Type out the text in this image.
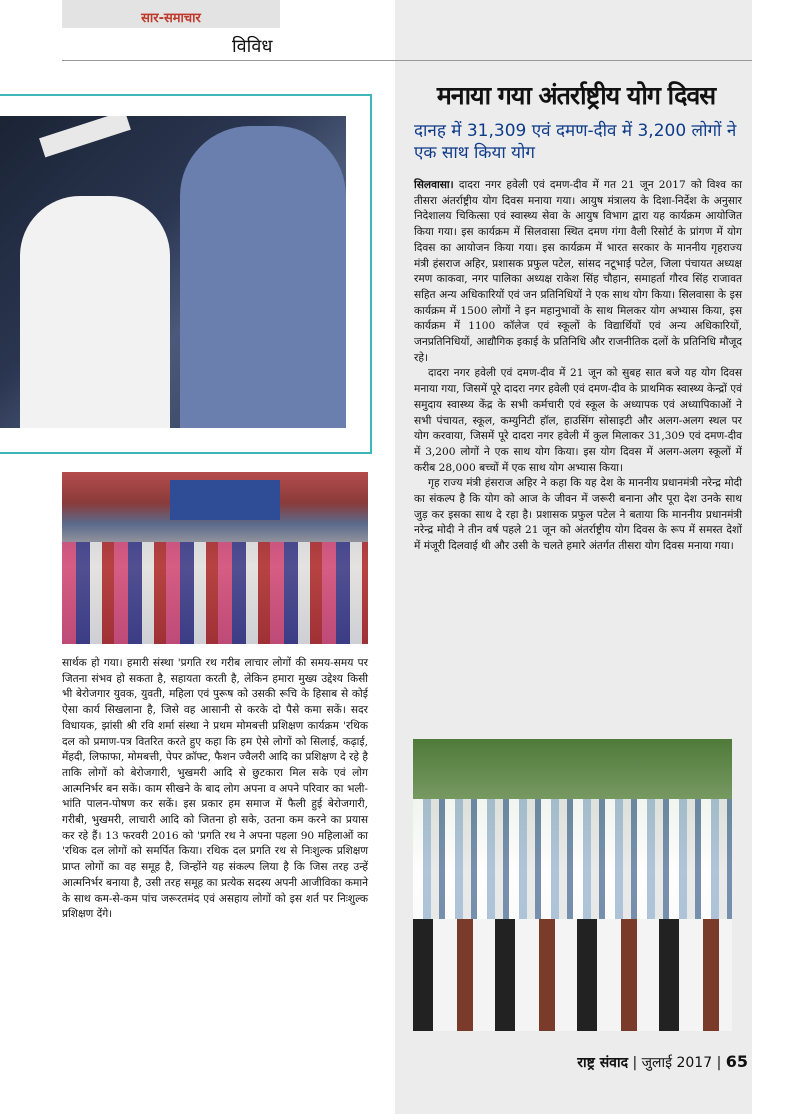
सार-समाचार
विविध
मनाया गया अंतर्राष्ट्रीय योग दिवस
दानह में 31,309 एवं दमण-दीव में 3,200 लोगों ने एक साथ किया योग

सिलवासा। दादरा नगर हवेली एवं दमण-दीव में गत 21 जून 2017 को विश्व का तीसरा अंतर्राष्ट्रीय योग दिवस मनाया गया। आयुष मंत्रालय के दिशा-निर्देश के अनुसार निदेशालय चिकित्सा एवं स्वास्थ्य सेवा के आयुष विभाग द्वारा यह कार्यक्रम आयोजित किया गया। इस कार्यक्रम में सिलवासा स्थित दमण गंगा वैली रिसोर्ट के प्रांगण में योग दिवस का आयोजन किया गया। इस कार्यक्रम में भारत सरकार के माननीय गृहराज्य मंत्री हंसराज अहिर, प्रशासक प्रफुल पटेल, सांसद नटूभाई पटेल, जिला पंचायत अध्यक्ष रमण काकवा, नगर पालिका अध्यक्ष राकेश सिंह चौहान, समाहर्ता गौरव सिंह राजावत सहित अन्य अधिकारियों एवं जन प्रतिनिधियों ने एक साथ योग किया। सिलवासा के इस कार्यक्रम में 1500 लोगों ने इन महानुभावों के साथ मिलकर योग अभ्यास किया, इस कार्यक्रम में 1100 कॉलेज एवं स्कूलों के विद्यार्थियों एवं अन्य अधिकारियों, जनप्रतिनिधियों, आद्यौगिक इकाई के प्रतिनिधि और राजनीतिक दलों के प्रतिनिधि मौजूद रहे।

दादरा नगर हवेली एवं दमण-दीव में 21 जून को सुबह सात बजे यह योग दिवस मनाया गया, जिसमें पूरे दादरा नगर हवेली एवं दमण-दीव के प्राथमिक स्वास्थ्य केन्द्रों एवं समुदाय स्वास्थ्य केंद्र के सभी कर्मचारी एवं स्कूल के अध्यापक एवं अध्यापिकाओं ने सभी पंचायत, स्कूल, कम्युनिटी हॉल, हाउसिंग सोसाइटी और अलग-अलग स्थल पर योग करवाया, जिसमें पूरे दादरा नगर हवेली में कुल मिलाकर 31,309 एवं दमण-दीव में 3,200 लोगों ने एक साथ योग किया। इस योग दिवस में अलग-अलग स्कूलों में करीब 28,000 बच्चों में एक साथ योग अभ्यास किया।

गृह राज्य मंत्री हंसराज अहिर ने कहा कि यह देश के माननीय प्रधानमंत्री नरेन्द्र मोदी का संकल्प है कि योग को आज के जीवन में जरूरी बनाना और पूरा देश उनके साथ जुड़ कर इसका साथ दे रहा है। प्रशासक प्रफुल पटेल ने बताया कि माननीय प्रधानमंत्री नरेन्द्र मोदी ने तीन वर्ष पहले 21 जून को अंतर्राष्ट्रीय योग दिवस के रूप में समस्त देशों में मंजूरी दिलवाई थी और उसी के चलते हमारे अंतर्गत तीसरा योग दिवस मनाया गया।

सार्थक हो गया। हमारी संस्था 'प्रगति रथ गरीब लाचार लोगों की समय-समय पर जितना संभव हो सकता है, सहायता करती है, लेकिन हमारा मुख्य उद्देश्य किसी भी बेरोजगार युवक, युवती, महिला एवं पुरूष को उसकी रूचि के हिसाब से कोई ऐसा कार्य सिखलाना है, जिसे वह आसानी से करके दो पैसे कमा सकें। सदर विधायक, झांसी श्री रवि शर्मा संस्था ने प्रथम मोमबत्ती प्रशिक्षण कार्यक्रम 'रथिक दल को प्रमाण-पत्र वितरित करते हुए कहा कि हम ऐसे लोगों को सिलाई, कढ़ाई, मेंहदी, लिफाफा, मोमबत्ती, पेपर क्रॉफ्ट, फैशन ज्वैलरी आदि का प्रशिक्षण दे रहे है ताकि लोगों को बेरोजगारी, भुखमरी आदि से छुटकारा मिल सके एवं लोग आत्मनिर्भर बन सकें। काम सीखने के बाद लोग अपना व अपने परिवार का भली-भांति पालन-पोषण कर सकें। इस प्रकार हम समाज में फैली हुई बेरोजगारी, गरीबी, भुखमरी, लाचारी आदि को जितना हो सके, उतना कम करने का प्रयास कर रहे हैं। 13 फरवरी 2016 को 'प्रगति रथ ने अपना पहला 90 महिलाओं का 'रथिक दल लोगों को समर्पित किया। रथिक दल प्रगति रथ से निःशुल्क प्रशिक्षण प्राप्त लोगों का वह समूह है, जिन्होंने यह संकल्प लिया है कि जिस तरह उन्हें आत्मनिर्भर बनाया है, उसी तरह समूह का प्रत्येक सदस्य अपनी आजीविका कमाने के साथ कम-से-कम पांच जरूरतमंद एवं असहाय लोगों को इस शर्त पर निःशुल्क प्रशिक्षण देंगे।

राष्ट्र संवाद | जुलाई 2017 | 65
